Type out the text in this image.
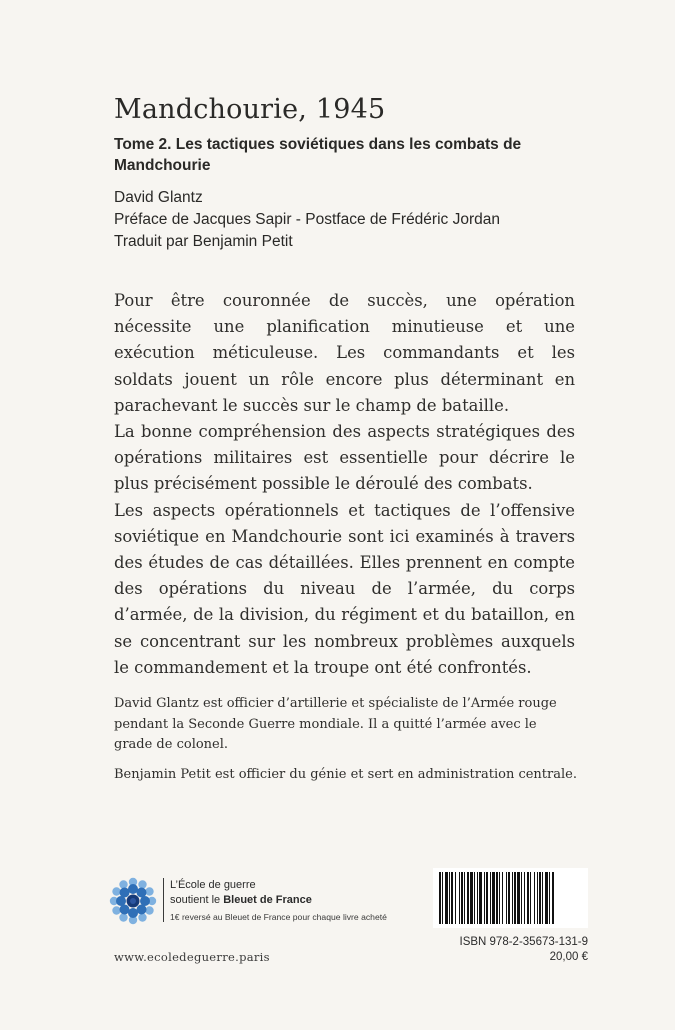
Mandchourie, 1945
Tome 2. Les tactiques soviétiques dans les combats de Mandchourie
David Glantz
Préface de Jacques Sapir - Postface de Frédéric Jordan
Traduit par Benjamin Petit

Pour être couronnée de succès, une opération nécessite une planification minutieuse et une exécution méticuleuse. Les commandants et les soldats jouent un rôle encore plus déterminant en parachevant le succès sur le champ de bataille.

La bonne compréhension des aspects stratégiques des opérations militaires est essentielle pour décrire le plus précisément possible le déroulé des combats.

Les aspects opérationnels et tactiques de l’offensive soviétique en Mandchourie sont ici examinés à travers des études de cas détaillées. Elles prennent en compte des opérations du niveau de l’armée, du corps d’armée, de la division, du régiment et du bataillon, en se concentrant sur les nombreux problèmes auxquels le commandement et la troupe ont été confrontés.

David Glantz est officier d’artillerie et spécialiste de l’Armée rouge pendant la Seconde Guerre mondiale. Il a quitté l’armée avec le grade de colonel.

Benjamin Petit est officier du génie et sert en administration centrale.

L’École de guerre
soutient le Bleuet de France
1€ reversé au Bleuet de France pour chaque livre acheté
ISBN 978-2-35673-131-9
20,00 €
www.ecoledeguerre.paris
